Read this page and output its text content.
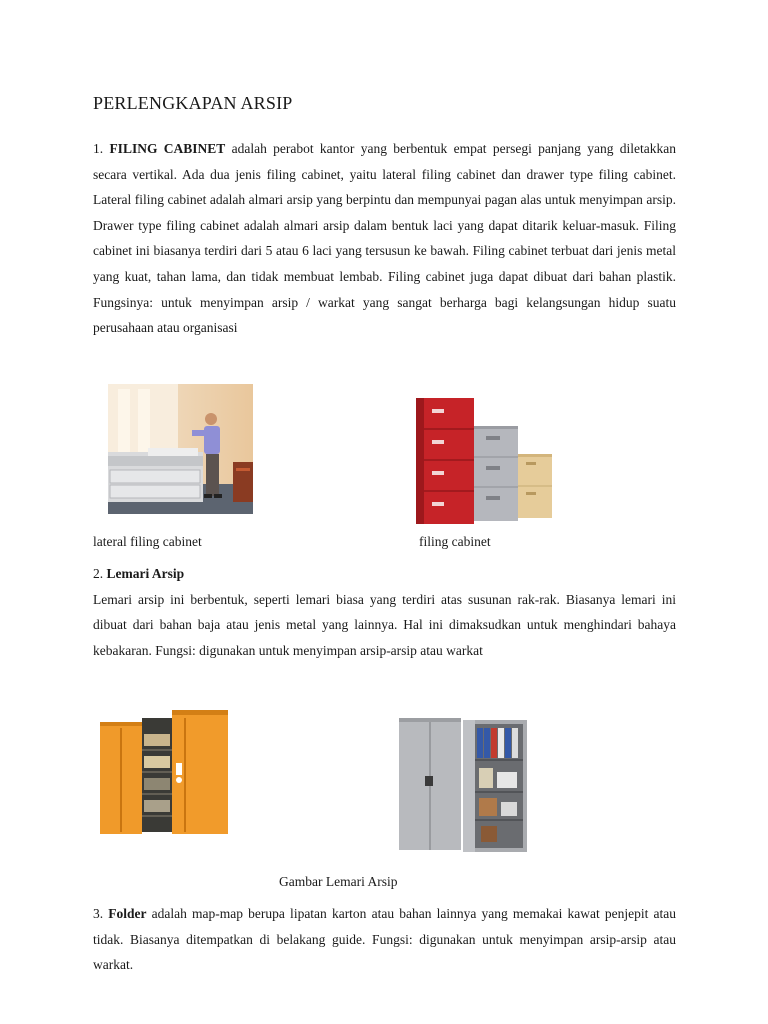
PERLENGKAPAN ARSIP
1. FILING CABINET adalah perabot kantor yang berbentuk empat persegi panjang yang diletakkan secara vertikal. Ada dua jenis filing cabinet, yaitu lateral filing cabinet dan drawer type filing cabinet. Lateral filing cabinet adalah almari arsip yang berpintu dan mempunyai pagan alas untuk menyimpan arsip. Drawer type filing cabinet adalah almari arsip dalam bentuk laci yang dapat ditarik keluar-masuk. Filing cabinet ini biasanya terdiri dari 5 atau 6 laci yang tersusun ke bawah. Filing cabinet terbuat dari jenis metal yang kuat, tahan lama, dan tidak membuat lembab. Filing cabinet juga dapat dibuat dari bahan plastik. Fungsinya: untuk menyimpan arsip / warkat yang sangat berharga bagi kelangsungan hidup suatu perusahaan atau organisasi
lateral filing cabinet	filing cabinet
2. Lemari Arsip
Lemari arsip ini berbentuk, seperti lemari biasa yang terdiri atas susunan rak-rak. Biasanya lemari ini dibuat dari bahan baja atau jenis metal yang lainnya. Hal ini dimaksudkan untuk menghindari bahaya kebakaran. Fungsi: digunakan untuk menyimpan arsip-arsip atau warkat
Gambar Lemari Arsip
3. Folder adalah map-map berupa lipatan karton atau bahan lainnya yang memakai kawat penjepit atau tidak. Biasanya ditempatkan di belakang guide. Fungsi: digunakan untuk menyimpan arsip-arsip atau warkat.
